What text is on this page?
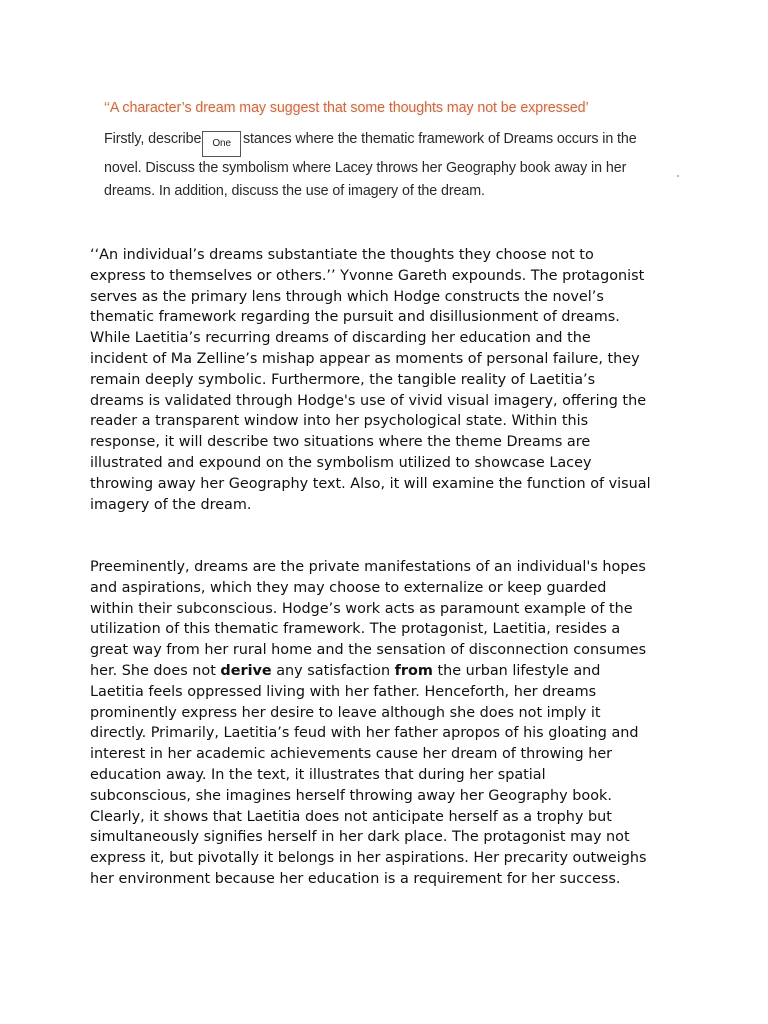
‘‘A character’s dream may suggest that some thoughts may not be expressed’

Firstly, describe One stances where the thematic framework of Dreams occurs in the
novel. Discuss the symbolism where Lacey throws her Geography book away in her
dreams. In addition, discuss the use of imagery of the dream.

‘‘An individual’s dreams substantiate the thoughts they choose not to
express to themselves or others.’’ Yvonne Gareth expounds. The protagonist
serves as the primary lens through which Hodge constructs the novel’s
thematic framework regarding the pursuit and disillusionment of dreams.
While Laetitia’s recurring dreams of discarding her education and the
incident of Ma Zelline’s mishap appear as moments of personal failure, they
remain deeply symbolic. Furthermore, the tangible reality of Laetitia’s
dreams is validated through Hodge's use of vivid visual imagery, offering the
reader a transparent window into her psychological state. Within this
response, it will describe two situations where the theme Dreams are
illustrated and expound on the symbolism utilized to showcase Lacey
throwing away her Geography text. Also, it will examine the function of visual
imagery of the dream.
Preeminently, dreams are the private manifestations of an individual's hopes
and aspirations, which they may choose to externalize or keep guarded
within their subconscious. Hodge’s work acts as paramount example of the
utilization of this thematic framework. The protagonist, Laetitia, resides a
great way from her rural home and the sensation of disconnection consumes
her. She does not derive any satisfaction from the urban lifestyle and
Laetitia feels oppressed living with her father. Henceforth, her dreams
prominently express her desire to leave although she does not imply it
directly. Primarily, Laetitia’s feud with her father apropos of his gloating and
interest in her academic achievements cause her dream of throwing her
education away. In the text, it illustrates that during her spatial
subconscious, she imagines herself throwing away her Geography book.
Clearly, it shows that Laetitia does not anticipate herself as a trophy but
simultaneously signifies herself in her dark place. The protagonist may not
express it, but pivotally it belongs in her aspirations. Her precarity outweighs
her environment because her education is a requirement for her success.
